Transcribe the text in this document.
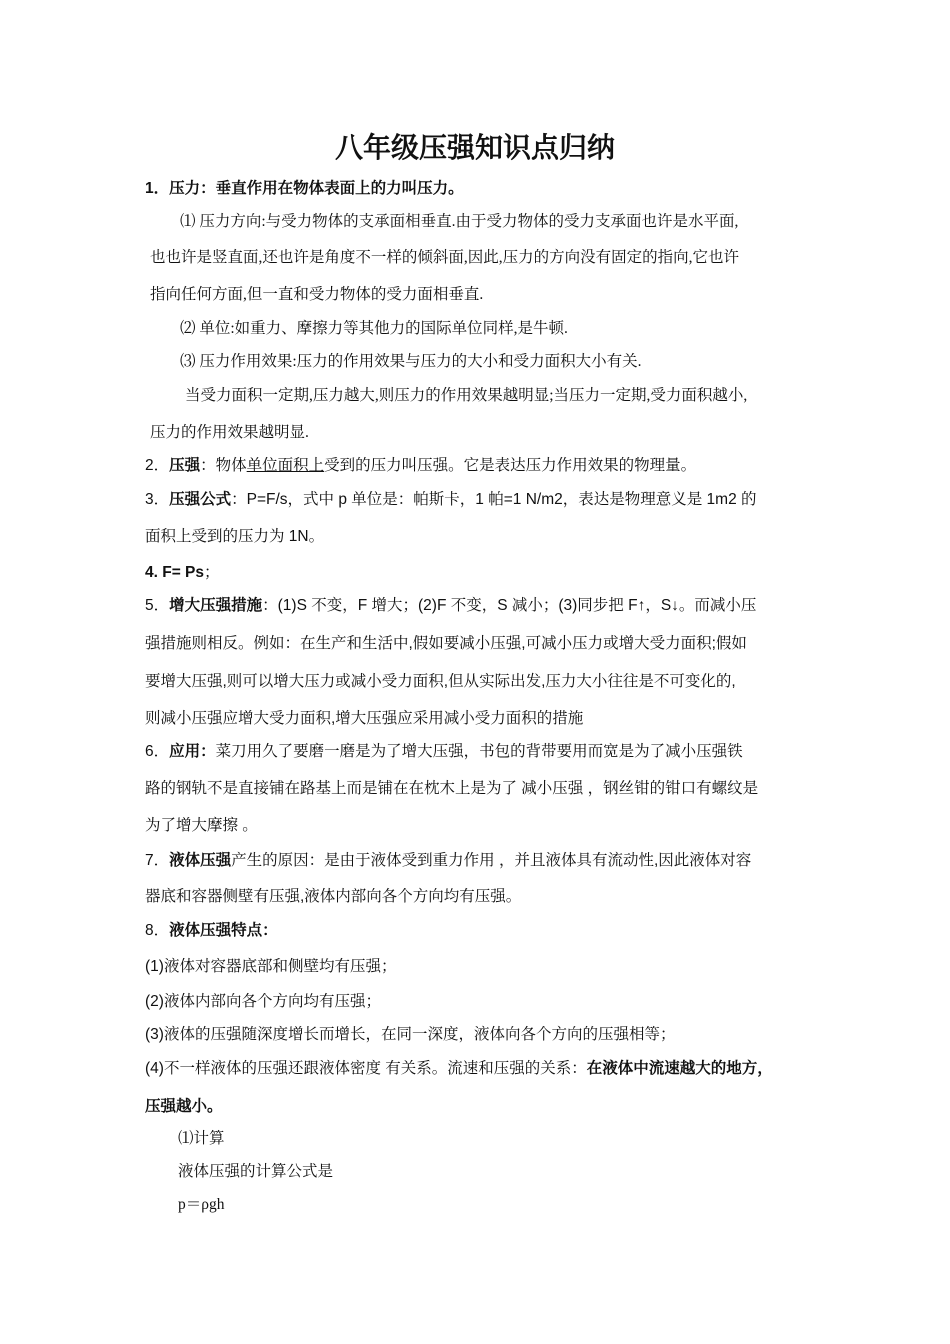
八年级压强知识点归纳
1．压力：垂直作用在物体表面上的力叫压力。
⑴ 压力方向:与受力物体的支承面相垂直.由于受力物体的受力支承面也许是水平面,
也也许是竖直面,还也许是角度不一样的倾斜面,因此,压力的方向没有固定的指向,它也许
指向任何方面,但一直和受力物体的受力面相垂直.
⑵ 单位:如重力、摩擦力等其他力的国际单位同样,是牛顿.
⑶ 压力作用效果:压力的作用效果与压力的大小和受力面积大小有关.
当受力面积一定期,压力越大,则压力的作用效果越明显;当压力一定期,受力面积越小,
压力的作用效果越明显.
2．压强：物体单位面积上受到的压力叫压强。它是表达压力作用效果的物理量。
3．压强公式：P=F/s，式中 p 单位是：帕斯卡，1 帕=1 N/m2，表达是物理意义是 1m2 的
面积上受到的压力为 1N。
4. F= Ps；
5．增大压强措施：(1)S 不变，F 增大；(2)F 不变，S 减小；(3)同步把 F↑，S↓。而减小压
强措施则相反。例如：在生产和生活中,假如要减小压强,可减小压力或增大受力面积;假如
要增大压强,则可以增大压力或减小受力面积,但从实际出发,压力大小往往是不可变化的,
则减小压强应增大受力面积,增大压强应采用减小受力面积的措施
6．应用：菜刀用久了要磨一磨是为了增大压强，书包的背带要用而宽是为了减小压强铁
路的钢轨不是直接铺在路基上而是铺在在枕木上是为了 减小压强 ，钢丝钳的钳口有螺纹是
为了增大摩擦 。
7．液体压强产生的原因：是由于液体受到重力作用 ，并且液体具有流动性,因此液体对容
器底和容器侧壁有压强,液体内部向各个方向均有压强。
8．液体压强特点：
(1)液体对容器底部和侧壁均有压强；
(2)液体内部向各个方向均有压强；
(3)液体的压强随深度增长而增长，在同一深度，液体向各个方向的压强相等；
(4)不一样液体的压强还跟液体密度 有关系。流速和压强的关系：在液体中流速越大的地方，
压强越小。
⑴计算
液体压强的计算公式是
p＝ρgh
